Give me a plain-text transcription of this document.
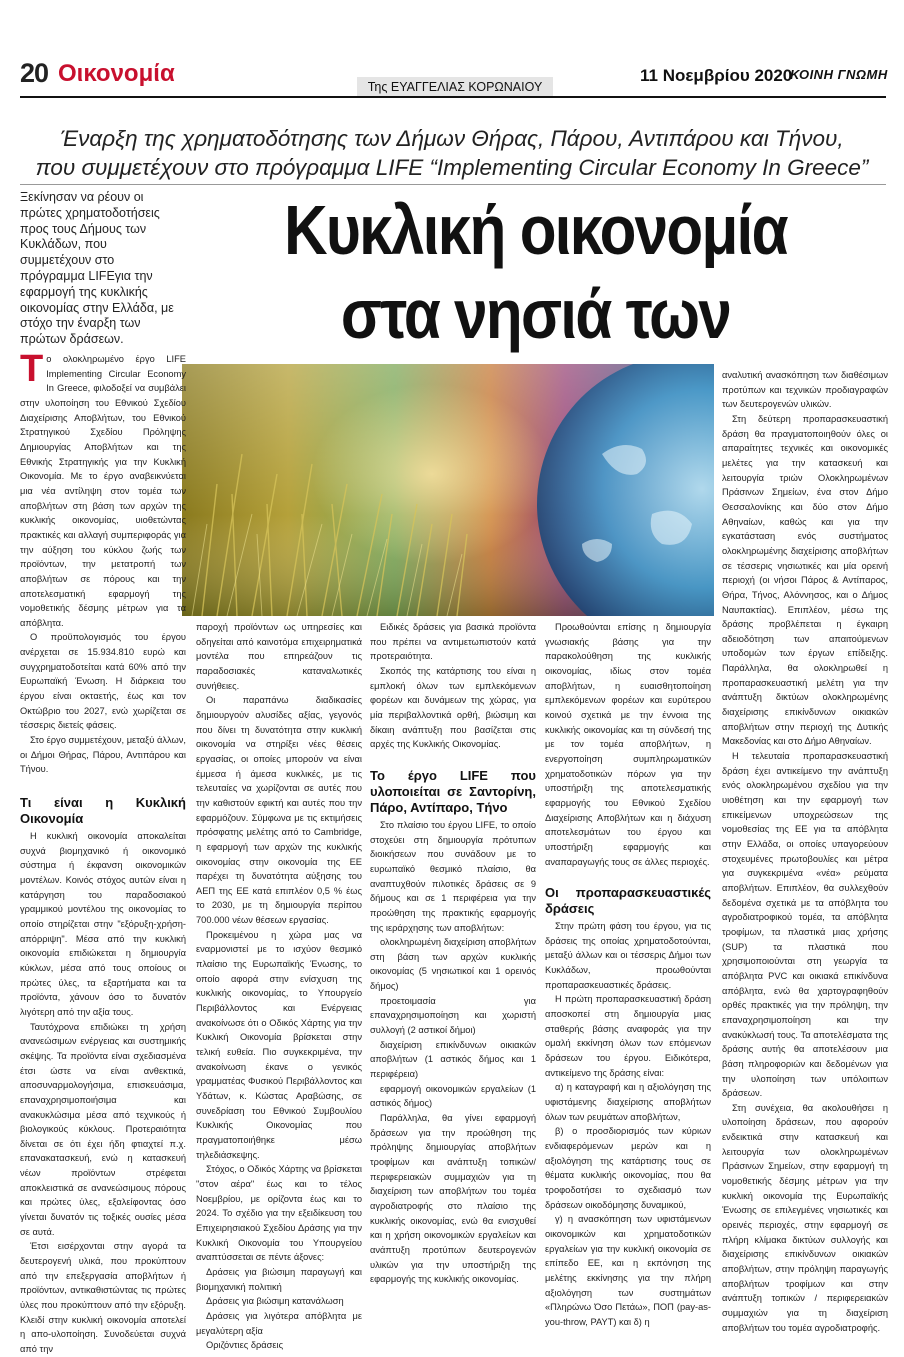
20 Οικονομία	Της ΕΥΑΓΓΕΛΙΑΣ ΚΟΡΩΝΑΙΟΥ
11 Νοεμβρίου 2020
ΚΟΙΝΗ ΓΝΩΜΗ
Έναρξη της χρηματοδότησης των Δήμων Θήρας, Πάρου, Αντιπάρου και Τήνου,
που συμμετέχουν στο πρόγραμμα LIFE “Implementing Circular Economy In Greece”
Ξεκίνησαν να ρέουν οι πρώτες χρηματοδοτήσεις προς τους Δήμους των Κυκλάδων, που συμμετέχουν στο πρόγραμμα LIFEγια την εφαρμογή της κυκλικής οικονομίας στην Ελλάδα, με στόχο την έναρξη των πρώτων δράσεων.
Κυκλική οικονομία
στα νησιά των

Το ολοκληρωμένο έργο LIFE Implementing Circular Economy In Greece, φιλοδοξεί να συμβάλει στην υλοποίηση του Εθνικού Σχεδίου Διαχείρισης Αποβλήτων, του Εθνικού Στρατηγικού Σχεδίου Πρόληψης Δημιουργίας Αποβλήτων και της Εθνικής Στρατηγικής για την Κυκλική Οικονομία. Με το έργο αναβεικνύεται μια νέα αντίληψη στον τομέα των αποβλήτων στη βάση των αρχών της κυκλικής οικονομίας, υιοθετώντας πρακτικές και αλλαγή συμπεριφοράς για την αύξηση του κύκλου ζωής των προϊόντων, την μετατροπή των αποβλήτων σε πόρους και την αποτελεσματική εφαρμογή της νομοθετικής δέσμης μέτρων για τα απόβλητα.

Ο προϋπολογισμός του έργου ανέρχεται σε 15.934.810 ευρώ και συγχρηματοδοτείται κατά 60% από την Ευρωπαϊκή Ένωση. Η διάρκεια του έργου είναι οκταετής, έως και τον Οκτώβριο του 2027, ενώ χωρίζεται σε τέσσερις διετείς φάσεις.

Στο έργο συμμετέχουν, μεταξύ άλλων, οι Δήμοι Θήρας, Πάρου, Αντιπάρου και Τήνου.

Τι είναι η Κυκλική Οικονομία

Η κυκλική οικονομία αποκαλείται συχνά βιομηχανικό ή οικονομικό σύστημα ή έκφανση οικονομικών μοντέλων. Κοινός στόχος αυτών είναι η κατάργηση του παραδοσιακού γραμμικού μοντέλου της οικονομίας το οποίο στηρίζεται στην "εξόρυξη-χρήση-απόρριψη". Μέσα από την κυκλική οικονομία επιδιώκεται η δημιουργία κύκλων, μέσα από τους οποίους οι πρώτες ύλες, τα εξαρτήματα και τα προϊόντα, χάνουν όσο το δυνατόν λιγότερη από την αξία τους.

Ταυτόχρονα επιδιώκει τη χρήση ανανεώσιμων ενέργειας και συστημικής σκέψης. Τα προϊόντα είναι σχεδιασμένα έτσι ώστε να είναι ανθεκτικά, αποσυναρμολογήσιμα, επισκευάσιμα, επαναχρησιμοποιήσιμα και ανακυκλώσιμα μέσα από τεχνικούς ή βιολογικούς κύκλους. Προτεραιότητα δίνεται σε ότι έχει ήδη φτιαχτεί π.χ. επανακατασκευή, ενώ η κατασκευή νέων προϊόντων στρέφεται αποκλειστικά σε ανανεώσιμους πόρους και πρώτες ύλες, εξαλείφοντας όσο γίνεται δυνατόν τις τοξικές ουσίες μέσα σε αυτά.

Έτσι εισέρχονται στην αγορά τα δευτερογενή υλικά, που προκύπτουν από την επεξεργασία αποβλήτων ή προϊόντων, αντικαθιστώντας τις πρώτες ύλες που προκύπτουν από την εξόρυξη. Κλειδί στην κυκλική οικονομία αποτελεί η απο-υλοποίηση. Συνοδεύεται συχνά από την

παροχή προϊόντων ως υπηρεσίες και οδηγείται από καινοτόμα επιχειρηματικά μοντέλα που επηρεάζουν τις παραδοσιακές καταναλωτικές συνήθειες.

Οι παραπάνω διαδικασίες δημιουργούν αλυσίδες αξίας, γεγονός που δίνει τη δυνατότητα στην κυκλική οικονομία να στηρίξει νέες θέσεις εργασίας, οι οποίες μπορούν να είναι έμμεσα ή άμεσα κυκλικές, με τις τελευταίες να χωρίζονται σε αυτές που την καθιστούν εφικτή και αυτές που την εφαρμόζουν. Σύμφωνα με τις εκτιμήσεις πρόσφατης μελέτης από το Cambridge, η εφαρμογή των αρχών της κυκλικής οικονομίας στην οικονομία της ΕΕ παρέχει τη δυνατότητα αύξησης του ΑΕΠ της ΕΕ κατά επιπλέον 0,5 % έως το 2030, με τη δημιουργία περίπου 700.000 νέων θέσεων εργασίας.

Προκειμένου η χώρα μας να εναρμονιστεί με το ισχύον θεσμικό πλαίσιο της Ευρωπαϊκής Ένωσης, το οποίο αφορά στην ενίσχυση της κυκλικής οικονομίας, το Υπουργείο Περιβάλλοντος και Ενέργειας ανακοίνωσε ότι ο Οδικός Χάρτης για την Κυκλική Οικονομία βρίσκεται στην τελική ευθεία. Πιο συγκεκριμένα, την ανακοίνωση έκανε ο γενικός γραμματέας Φυσικού Περιβάλλοντος και Υδάτων, κ. Κώστας Αραβώσης, σε συνεδρίαση του Εθνικού Συμβουλίου Κυκλικής Οικονομίας που πραγματοποιήθηκε μέσω τηλεδιάσκεψης.

Στόχος, ο Οδικός Χάρτης να βρίσκεται "στον αέρα" έως και το τέλος Νοεμβρίου, με ορίζοντα έως και το 2024. Το σχέδιο για την εξειδίκευση του Επιχειρησιακού Σχεδίου Δράσης για την Κυκλική Οικονομία του Υπουργείου αναπτύσσεται σε πέντε άξονες:

Δράσεις για βιώσιμη παραγωγή και βιομηχανική πολιτική

Δράσεις για βιώσιμη κατανάλωση

Δράσεις για λιγότερα απόβλητα με μεγαλύτερη αξία

Οριζόντιες δράσεις

Ειδικές δράσεις για βασικά προϊόντα που πρέπει να αντιμετωπιστούν κατά προτεραιότητα.

Σκοπός της κατάρτισης του είναι η εμπλοκή όλων των εμπλεκόμενων φορέων και δυνάμεων της χώρας, για μία περιβαλλοντικά ορθή, βιώσιμη και δίκαιη ανάπτυξη που βασίζεται στις αρχές της Κυκλικής Οικονομίας.

Το έργο LIFE που υλοποιείται σε Σαντορίνη, Πάρο, Αντίπαρο, Τήνο

Στο πλαίσιο του έργου LIFE, το οποίο στοχεύει στη δημιουργία πρότυπων διοικήσεων που συνάδουν με το ευρωπαϊκό θεσμικό πλαίσιο, θα αναπτυχθούν πιλοτικές δράσεις σε 9 δήμους και σε 1 περιφέρεια για την προώθηση της πρακτικής εφαρμογής της ιεράρχησης των αποβλήτων:

ολοκληρωμένη διαχείριση αποβλήτων στη βάση των αρχών κυκλικής οικονομίας (5 νησιωτικοί και 1 ορεινός δήμος)

προετοιμασία για επαναχρησιμοποίηση και χωριστή συλλογή (2 αστικοί δήμοι)

διαχείριση επικίνδυνων οικιακών αποβλήτων (1 αστικός δήμος και 1 περιφέρεια)

εφαρμογή οικονομικών εργαλείων (1 αστικός δήμος)

Παράλληλα, θα γίνει εφαρμογή δράσεων για την προώθηση της πρόληψης δημιουργίας αποβλήτων τροφίμων και ανάπτυξη τοπικών/περιφερειακών συμμαχιών για τη διαχείριση των αποβλήτων του τομέα αγροδιατροφής στο πλαίσιο της κυκλικής οικονομίας, ενώ θα ενισχυθεί και η χρήση οικονομικών εργαλείων και ανάπτυξη προτύπων δευτερογενών υλικών για την υποστήριξη της εφαρμογής της κυκλικής οικονομίας.

Προωθούνται επίσης η δημιουργία γνωσιακής βάσης για την παρακολούθηση της κυκλικής οικονομίας, ιδίως στον τομέα αποβλήτων, η ευαισθητοποίηση εμπλεκόμενων φορέων και ευρύτερου κοινού σχετικά με την έννοια της κυκλικής οικονομίας και τη σύνδεσή της με τον τομέα αποβλήτων, η ενεργοποίηση συμπληρωματικών χρηματοδοτικών πόρων για την υποστήριξη της αποτελεσματικής εφαρμογής του Εθνικού Σχεδίου Διαχείρισης Αποβλήτων και η διάχυση αποτελεσμάτων του έργου και υποστήριξη εφαρμογής και αναπαραγωγής τους σε άλλες περιοχές.

Οι προπαρασκευαστικές δράσεις

Στην πρώτη φάση του έργου, για τις δράσεις της οποίας χρηματοδοτούνται, μεταξύ άλλων και οι τέσσερις Δήμοι των Κυκλάδων, προωθούνται προπαρασκευαστικές δράσεις.

Η πρώτη προπαρασκευαστική δράση αποσκοπεί στη δημιουργία μιας σταθερής βάσης αναφοράς για την ομαλή εκκίνηση όλων των επόμενων δράσεων του έργου. Ειδικότερα, αντικείμενο της δράσης είναι:

α) η καταγραφή και η αξιολόγηση της υφιστάμενης διαχείρισης αποβλήτων όλων των ρευμάτων αποβλήτων,

β) ο προσδιορισμός των κύριων ενδιαφερόμενων μερών και η αξιολόγηση της κατάρτισης τους σε θέματα κυκλικής οικονομίας, που θα τροφοδοτήσει το σχεδιασμό των δράσεων οικοδόμησης δυναμικού,

γ) η ανασκόπηση των υφιστάμενων οικονομικών και χρηματοδοτικών εργαλείων για την κυκλική οικονομία σε επίπεδο ΕΕ, και η εκπόνηση της μελέτης εκκίνησης για την πλήρη αξιολόγηση των συστημάτων «Πληρώνω Όσο Πετάω», ΠΟΠ (pay-as-you-throw, PAYT) και δ) η

αναλυτική ανασκόπηση των διαθέσιμων προτύπων και τεχνικών προδιαγραφών των δευτερογενών υλικών.

Στη δεύτερη προπαρασκευαστική δράση θα πραγματοποιηθούν όλες οι απαραίτητες τεχνικές και οικονομικές μελέτες για την κατασκευή και λειτουργία τριών Ολοκληρωμένων Πράσινων Σημείων, ένα στον Δήμο Θεσσαλονίκης και δύο στον Δήμο Αθηναίων, καθώς και για την εγκατάσταση ενός συστήματος ολοκληρωμένης διαχείρισης αποβλήτων σε τέσσερις νησιωτικές και μία ορεινή περιοχή (οι νήσοι Πάρος & Αντίπαρος, Θήρα, Τήνος, Αλόννησος, και ο Δήμος Ναυπακτίας). Επιπλέον, μέσω της δράσης προβλέπεται η έγκαιρη αδειοδότηση των απαιτούμενων υποδομών των έργων επίδειξης. Παράλληλα, θα ολοκληρωθεί η προπαρασκευαστική μελέτη για την ανάπτυξη δικτύων ολοκληρωμένης διαχείρισης επικίνδυνων οικιακών αποβλήτων στην περιοχή της Δυτικής Μακεδονίας και στο Δήμο Αθηναίων.

Η τελευταία προπαρασκευαστική δράση έχει αντικείμενο την ανάπτυξη ενός ολοκληρωμένου σχεδίου για την υιοθέτηση και την εφαρμογή των επικείμενων υποχρεώσεων της νομοθεσίας της ΕΕ για τα απόβλητα στην Ελλάδα, οι οποίες υπαγορεύουν στοχευμένες πρωτοβουλίες και μέτρα για συγκεκριμένα «νέα» ρεύματα αποβλήτων. Επιπλέον, θα συλλεχθούν δεδομένα σχετικά με τα απόβλητα του αγροδιατροφικού τομέα, τα απόβλητα τροφίμων, τα πλαστικά μιας χρήσης (SUP) τα πλαστικά που χρησιμοποιούνται στη γεωργία τα απόβλητα PVC και οικιακά επικίνδυνα απόβλητα, ενώ θα χαρτογραφηθούν ορθές πρακτικές για την πρόληψη, την επαναχρησιμοποίηση και την ανακύκλωσή τους. Τα αποτελέσματα της δράσης αυτής θα αποτελέσουν μια βάση πληροφοριών και δεδομένων για την υλοποίηση των υπόλοιπων δράσεων.

Στη συνέχεια, θα ακολουθήσει η υλοποίηση δράσεων, που αφορούν ενδεικτικά στην κατασκευή και λειτουργία των ολοκληρωμένων Πράσινων Σημείων, στην εφαρμογή τη νομοθετικής δέσμης μέτρων για την κυκλική οικονομία της Ευρωπαϊκής Ένωσης σε επιλεγμένες νησιωτικές και ορεινές περιοχές, στην εφαρμογή σε πλήρη κλίμακα δικτύων συλλογής και διαχείρισης επικίνδυνων οικιακών αποβλήτων, στην πρόληψη παραγωγής αποβλήτων τροφίμων και στην ανάπτυξη τοπικών / περιφερειακών συμμαχιών για τη διαχείριση αποβλήτων του τομέα αγροδιατροφής.
